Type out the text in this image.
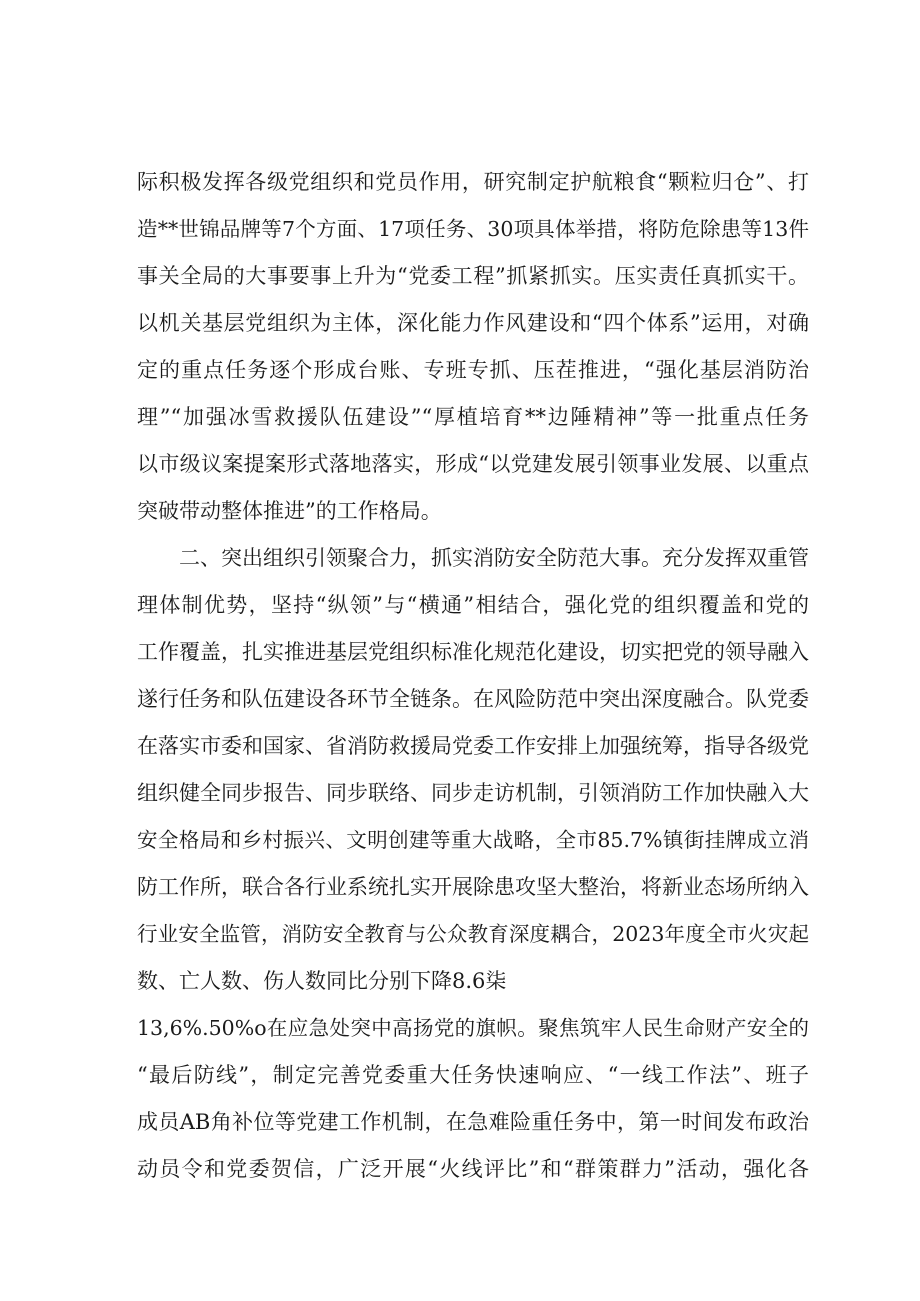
际积极发挥各级党组织和党员作用，研究制定护航粮食“颗粒归仓”、打
造**世锦品牌等7个方面、17项任务、30项具体举措，将防危除患等13件
事关全局的大事要事上升为“党委工程”抓紧抓实。压实责任真抓实干。
以机关基层党组织为主体，深化能力作风建设和“四个体系”运用，对确
定的重点任务逐个形成台账、专班专抓、压茬推进，“强化基层消防治
理”“加强冰雪救援队伍建设”“厚植培育**边陲精神”等一批重点任务
以市级议案提案形式落地落实，形成“以党建发展引领事业发展、以重点
突破带动整体推进”的工作格局。
二、突出组织引领聚合力，抓实消防安全防范大事。充分发挥双重管
理体制优势，坚持“纵领”与“横通”相结合，强化党的组织覆盖和党的
工作覆盖，扎实推进基层党组织标准化规范化建设，切实把党的领导融入
遂行任务和队伍建设各环节全链条。在风险防范中突出深度融合。队党委
在落实市委和国家、省消防救援局党委工作安排上加强统筹，指导各级党
组织健全同步报告、同步联络、同步走访机制，引领消防工作加快融入大
安全格局和乡村振兴、文明创建等重大战略，全市85.7%镇街挂牌成立消
防工作所，联合各行业系统扎实开展除患攻坚大整治，将新业态场所纳入
行业安全监管，消防安全教育与公众教育深度耦合，2023年度全市火灾起
数、亡人数、伤人数同比分别下降8.6柒
13,6%.50%o在应急处突中高扬党的旗帜。聚焦筑牢人民生命财产安全的
“最后防线”，制定完善党委重大任务快速响应、“一线工作法”、班子
成员AB角补位等党建工作机制，在急难险重任务中，第一时间发布政治
动员令和党委贺信，广泛开展“火线评比”和“群策群力”活动，强化各
